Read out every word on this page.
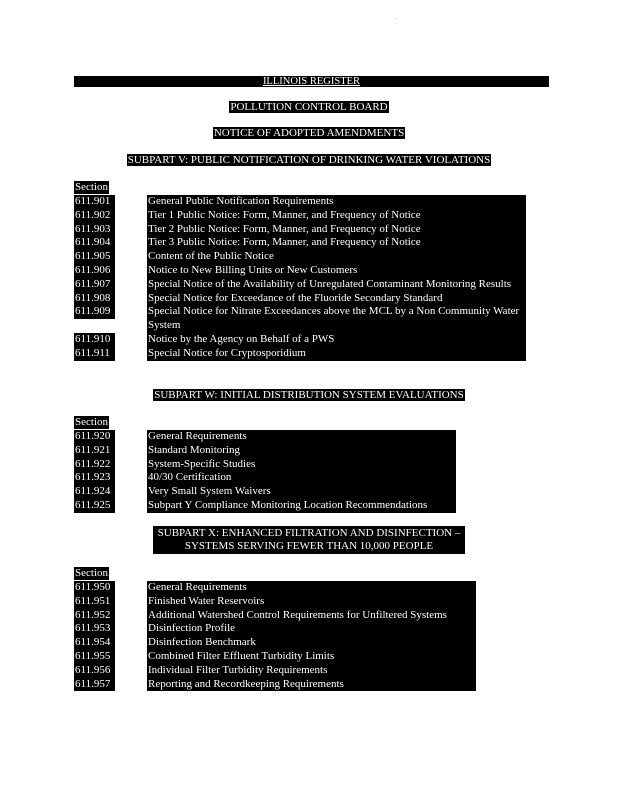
ILLINOIS REGISTER
POLLUTION CONTROL BOARD
NOTICE OF ADOPTED AMENDMENTS
SUBPART V: PUBLIC NOTIFICATION OF DRINKING WATER VIOLATIONS
Section
611.901	General Public Notification Requirements
611.902	Tier 1 Public Notice: Form, Manner, and Frequency of Notice
611.903	Tier 2 Public Notice: Form, Manner, and Frequency of Notice
611.904	Tier 3 Public Notice: Form, Manner, and Frequency of Notice
611.905	Content of the Public Notice
611.906	Notice to New Billing Units or New Customers
611.907	Special Notice of the Availability of Unregulated Contaminant Monitoring Results
611.908	Special Notice for Exceedance of the Fluoride Secondary Standard
611.909	Special Notice for Nitrate Exceedances above the MCL by a Non Community Water System
611.910	Notice by the Agency on Behalf of a PWS
611.911	Special Notice for Cryptosporidium
SUBPART W: INITIAL DISTRIBUTION SYSTEM EVALUATIONS
Section
611.920	General Requirements
611.921	Standard Monitoring
611.922	System-Specific Studies
611.923	40/30 Certification
611.924	Very Small System Waivers
611.925	Subpart Y Compliance Monitoring Location Recommendations
SUBPART X: ENHANCED FILTRATION AND DISINFECTION –
SYSTEMS SERVING FEWER THAN 10,000 PEOPLE
Section
611.950	General Requirements
611.951	Finished Water Reservoirs
611.952	Additional Watershed Control Requirements for Unfiltered Systems
611.953	Disinfection Profile
611.954	Disinfection Benchmark
611.955	Combined Filter Effluent Turbidity Limits
611.956	Individual Filter Turbidity Requirements
611.957	Reporting and Recordkeeping Requirements
